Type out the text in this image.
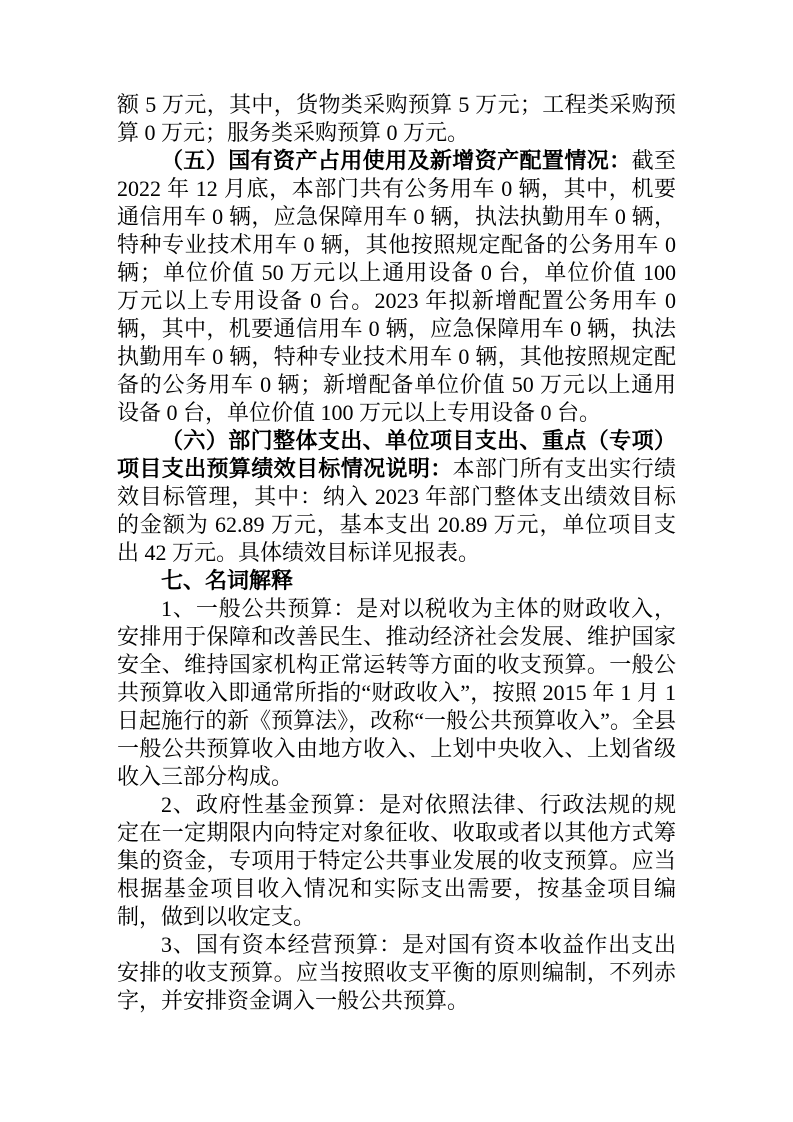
额 5 万元，其中，货物类采购预算 5 万元；工程类采购预算 0 万元；服务类采购预算 0 万元。

（五）国有资产占用使用及新增资产配置情况：截至 2022 年 12 月底，本部门共有公务用车 0 辆，其中，机要通信用车 0 辆，应急保障用车 0 辆，执法执勤用车 0 辆，特种专业技术用车 0 辆，其他按照规定配备的公务用车 0 辆；单位价值 50 万元以上通用设备 0 台，单位价值 100 万元以上专用设备 0 台。2023 年拟新增配置公务用车 0 辆，其中，机要通信用车 0 辆，应急保障用车 0 辆，执法执勤用车 0 辆，特种专业技术用车 0 辆，其他按照规定配备的公务用车 0 辆；新增配备单位价值 50 万元以上通用设备 0 台，单位价值 100 万元以上专用设备 0 台。

（六）部门整体支出、单位项目支出、重点（专项）项目支出预算绩效目标情况说明：本部门所有支出实行绩效目标管理，其中：纳入 2023 年部门整体支出绩效目标的金额为 62.89 万元，基本支出 20.89 万元，单位项目支出 42 万元。具体绩效目标详见报表。

七、名词解释

1、一般公共预算：是对以税收为主体的财政收入，安排用于保障和改善民生、推动经济社会发展、维护国家安全、维持国家机构正常运转等方面的收支预算。一般公共预算收入即通常所指的“财政收入”，按照 2015 年 1 月 1 日起施行的新《预算法》，改称“一般公共预算收入”。全县一般公共预算收入由地方收入、上划中央收入、上划省级收入三部分构成。

2、政府性基金预算：是对依照法律、行政法规的规定在一定期限内向特定对象征收、收取或者以其他方式筹集的资金，专项用于特定公共事业发展的收支预算。应当根据基金项目收入情况和实际支出需要，按基金项目编制，做到以收定支。

3、国有资本经营预算：是对国有资本收益作出支出安排的收支预算。应当按照收支平衡的原则编制，不列赤字，并安排资金调入一般公共预算。
